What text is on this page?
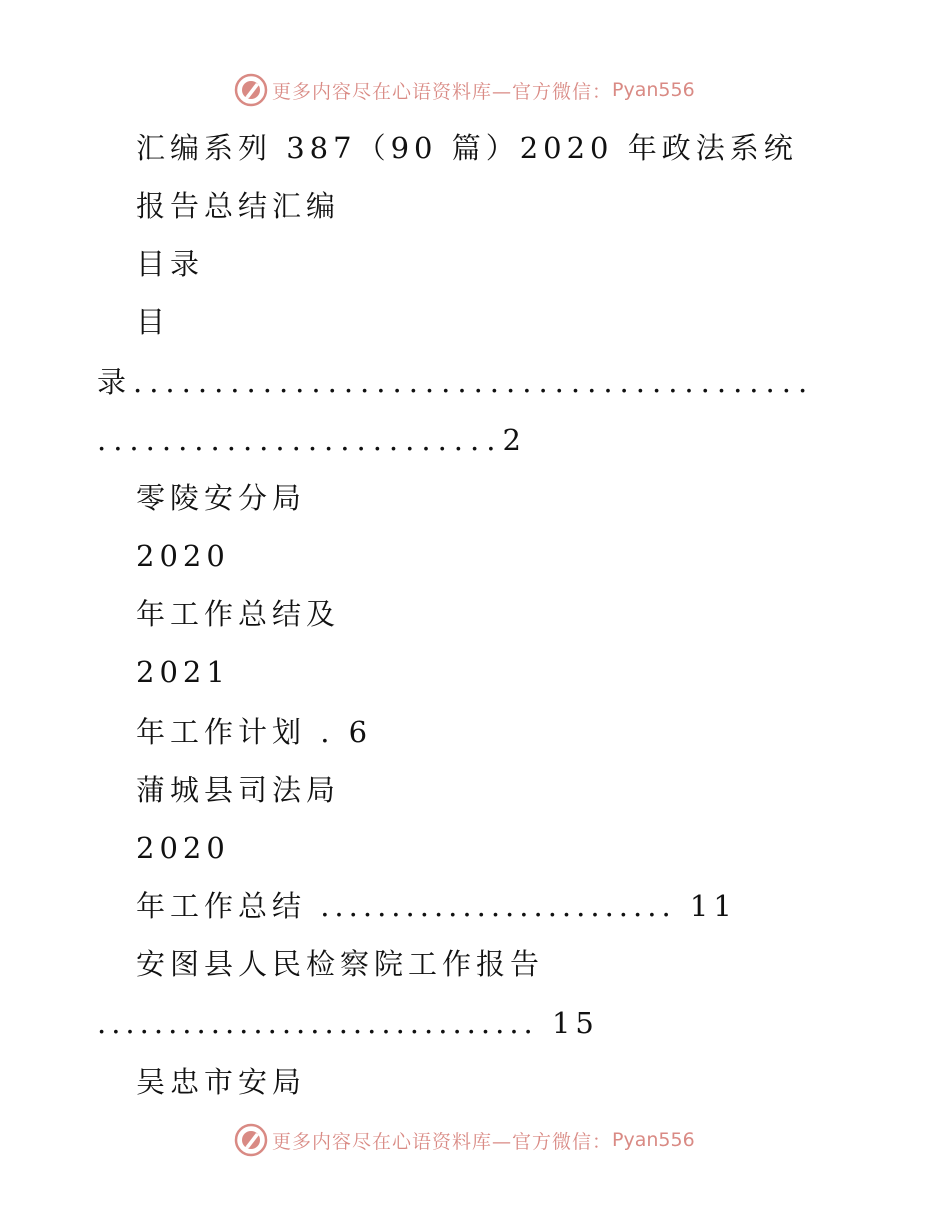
更多内容尽在心语资料库—官方微信： Pyan556
汇编系列 387（90 篇）2020 年政法系统
报告总结汇编
目录
目
录..........................................
.........................2
零陵安分局
2020
年工作总结及
2021
年工作计划 . 6
蒲城县司法局
2020
年工作总结 ......................... 11
安图县人民检察院工作报告
............................... 15
吴忠市安局
更多内容尽在心语资料库—官方微信： Pyan556
